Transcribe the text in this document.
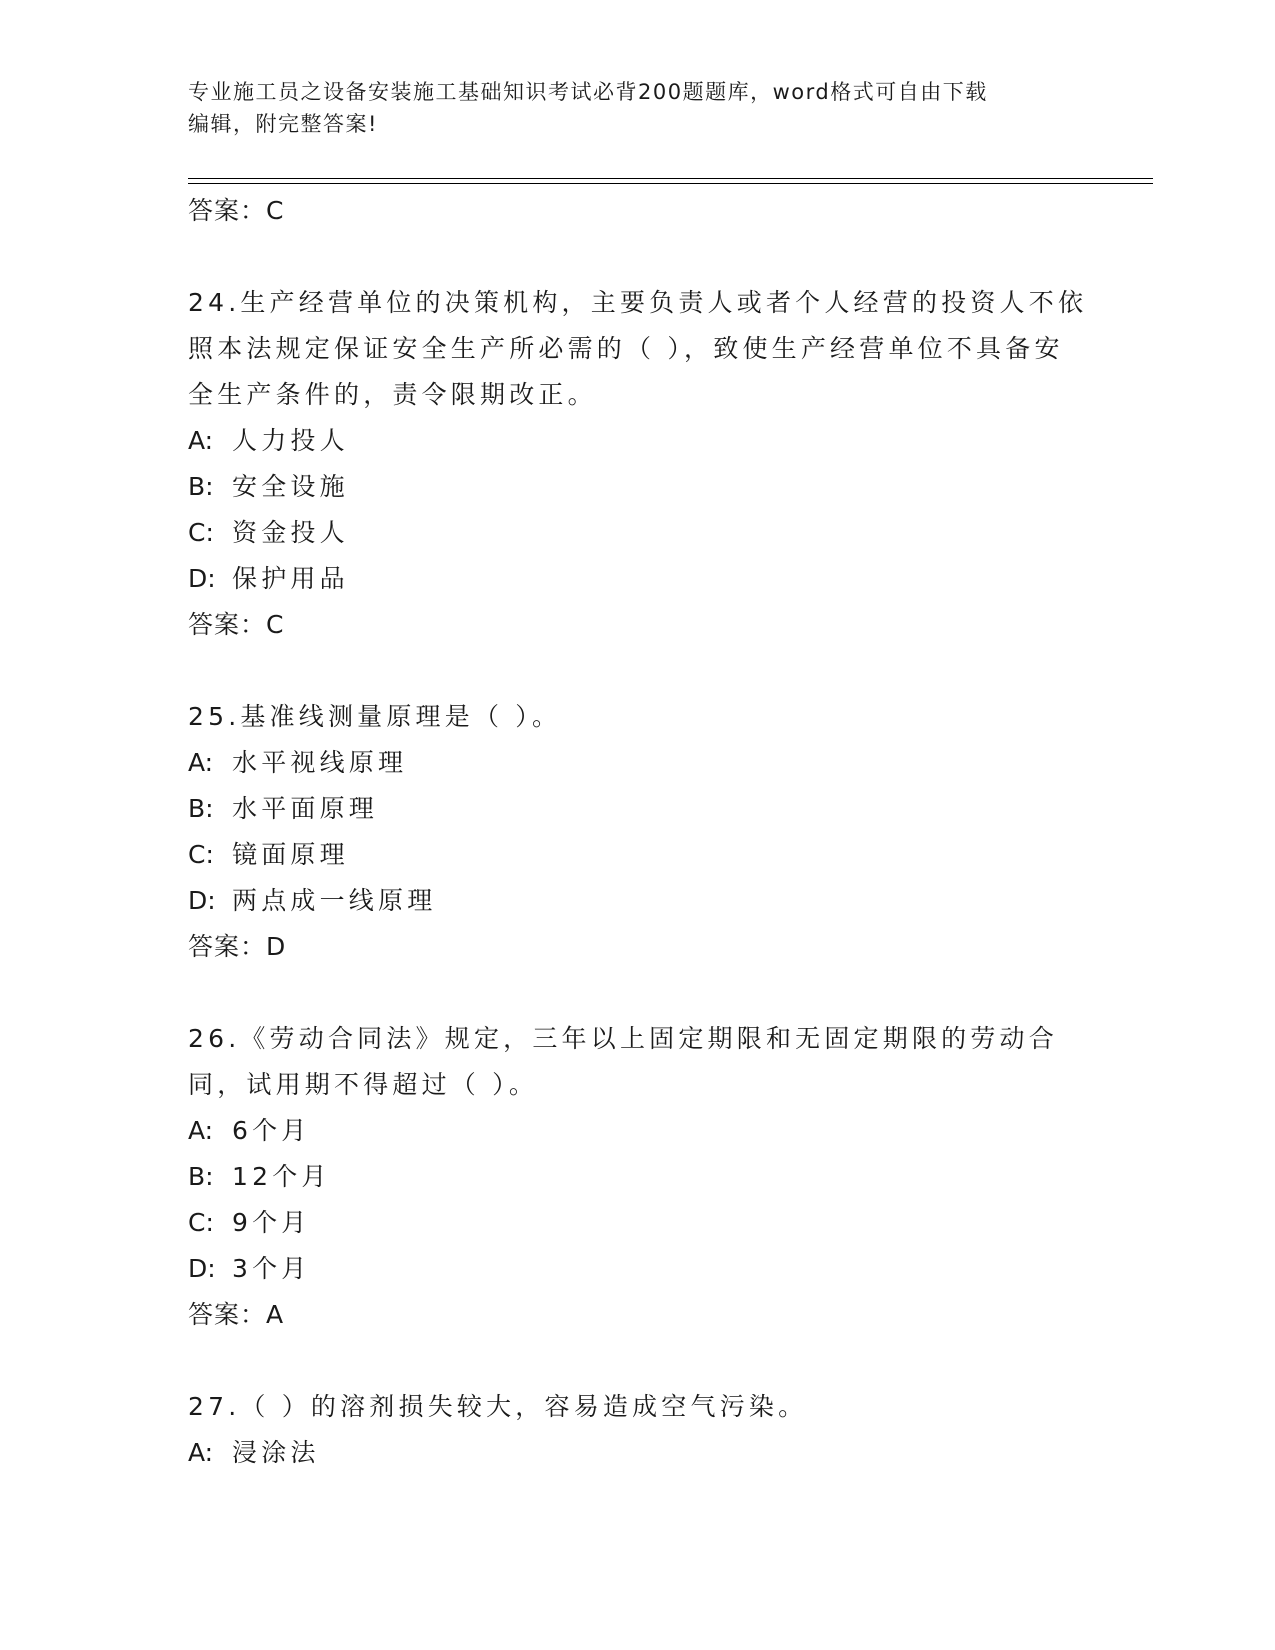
专业施工员之设备安装施工基础知识考试必背200题题库，word格式可自由下载
编辑，附完整答案!
答案：C
24.生产经营单位的决策机构，主要负责人或者个人经营的投资人不依照本法规定保证安全生产所必需的（ ），致使生产经营单位不具备安全生产条件的，责令限期改正。
A: 人力投人
B: 安全设施
C: 资金投人
D: 保护用品
答案：C
25.基准线测量原理是（ ）。
A: 水平视线原理
B: 水平面原理
C: 镜面原理
D: 两点成一线原理
答案：D
26.《劳动合同法》规定，三年以上固定期限和无固定期限的劳动合同，试用期不得超过（ ）。
A: 6个月
B: 12个月
C: 9个月
D: 3个月
答案：A
27.（ ）的溶剂损失较大，容易造成空气污染。
A: 浸涂法
